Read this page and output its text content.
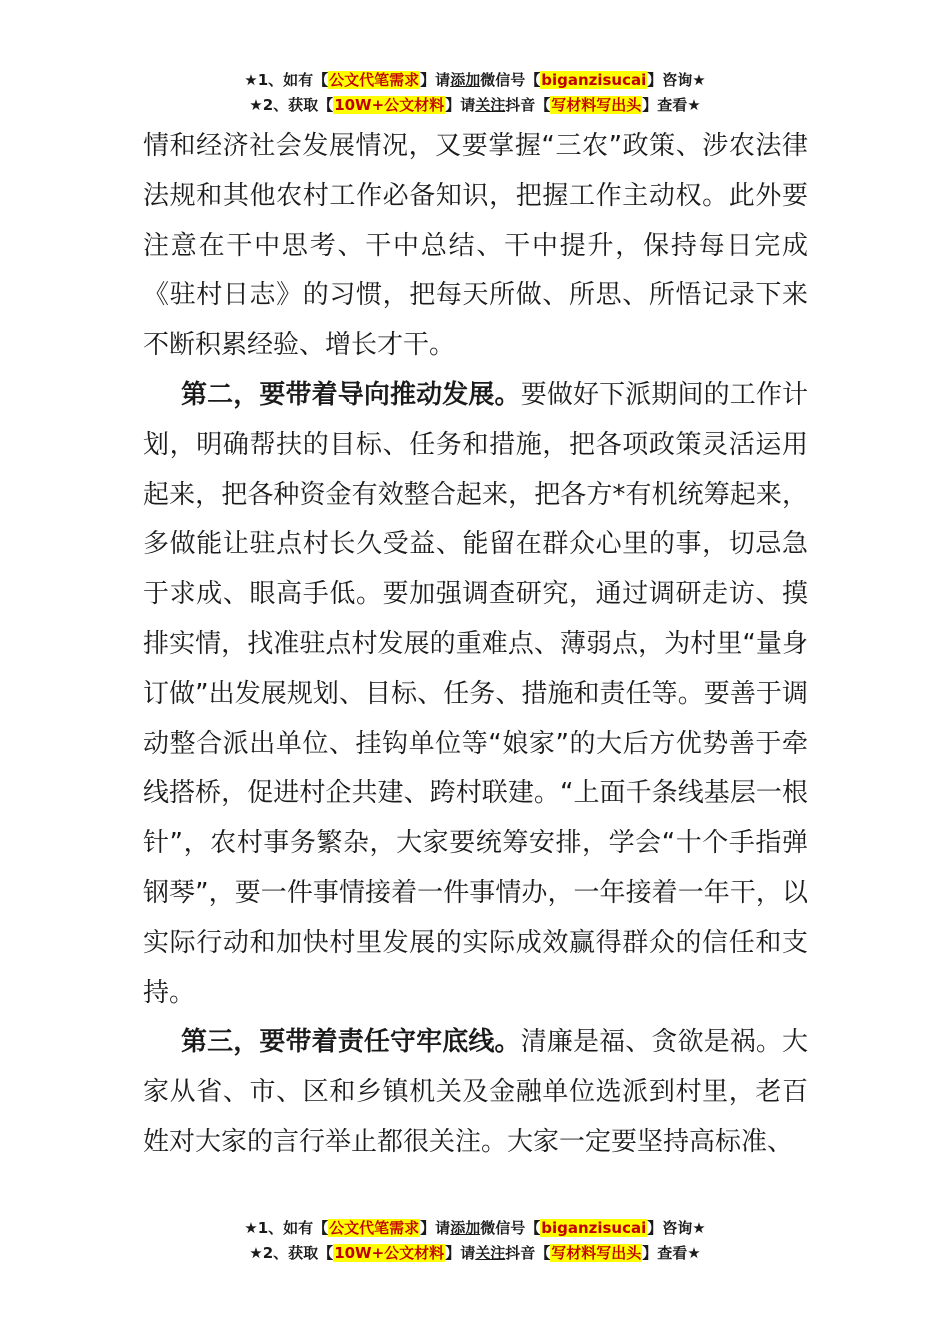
★1、如有【公文代笔需求】请添加微信号【biganzisucai】咨询★
★2、获取【10W+公文材料】请关注抖音【写材料写出头】查看★

情和经济社会发展情况，又要掌握“三农”政策、涉农法律法规和其他农村工作必备知识，把握工作主动权。此外要注意在干中思考、干中总结、干中提升，保持每日完成《驻村日志》的习惯，把每天所做、所思、所悟记录下来不断积累经验、增长才干。

第二，要带着导向推动发展。要做好下派期间的工作计划，明确帮扶的目标、任务和措施，把各项政策灵活运用起来，把各种资金有效整合起来，把各方*有机统筹起来，多做能让驻点村长久受益、能留在群众心里的事，切忌急于求成、眼高手低。要加强调查研究，通过调研走访、摸排实情，找准驻点村发展的重难点、薄弱点，为村里“量身订做”出发展规划、目标、任务、措施和责任等。要善于调动整合派出单位、挂钩单位等“娘家”的大后方优势善于牵线搭桥，促进村企共建、跨村联建。“上面千条线基层一根针”，农村事务繁杂，大家要统筹安排，学会“十个手指弹钢琴”，要一件事情接着一件事情办，一年接着一年干，以实际行动和加快村里发展的实际成效赢得群众的信任和支持。

第三，要带着责任守牢底线。清廉是福、贪欲是祸。大家从省、市、区和乡镇机关及金融单位选派到村里，老百姓对大家的言行举止都很关注。大家一定要坚持高标准、

★1、如有【公文代笔需求】请添加微信号【biganzisucai】咨询★
★2、获取【10W+公文材料】请关注抖音【写材料写出头】查看★
